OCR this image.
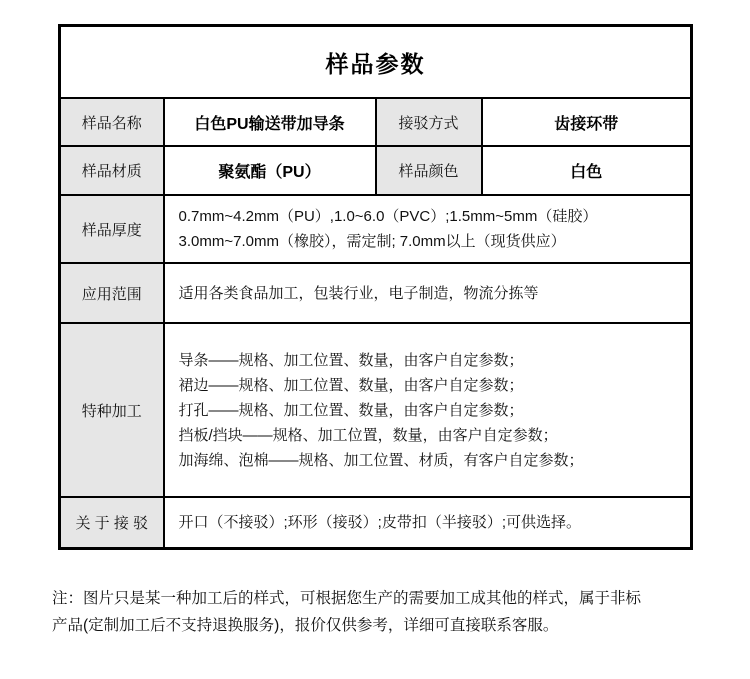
样品参数			
样品名称	白色PU输送带加导条	接驳方式	齿接环带
样品材质	聚氨酯（PU）	样品颜色	白色
样品厚度	0.7mm~4.2mm（PU）,1.0~6.0（PVC）;1.5mm~5mm（硅胶）
3.0mm~7.0mm（橡胶），需定制; 7.0mm以上（现货供应）		

应用范围	适用各类食品加工，包装行业，电子制造，物流分拣等		
特种加工	导条——规格、加工位置、数量，由客户自定参数；
裙边——规格、加工位置、数量，由客户自定参数；
打孔——规格、加工位置、数量，由客户自定参数；
挡板/挡块——规格、加工位置，数量，由客户自定参数；
加海绵、泡棉——规格、加工位置、材质，有客户自定参数；		

关 于 接 驳	开口（不接驳）;环形（接驳）;皮带扣（半接驳）;可供选择。		
注：图片只是某一种加工后的样式，可根据您生产的需要加工成其他的样式，属于非标
产品(定制加工后不支持退换服务)，报价仅供参考，详细可直接联系客服。
